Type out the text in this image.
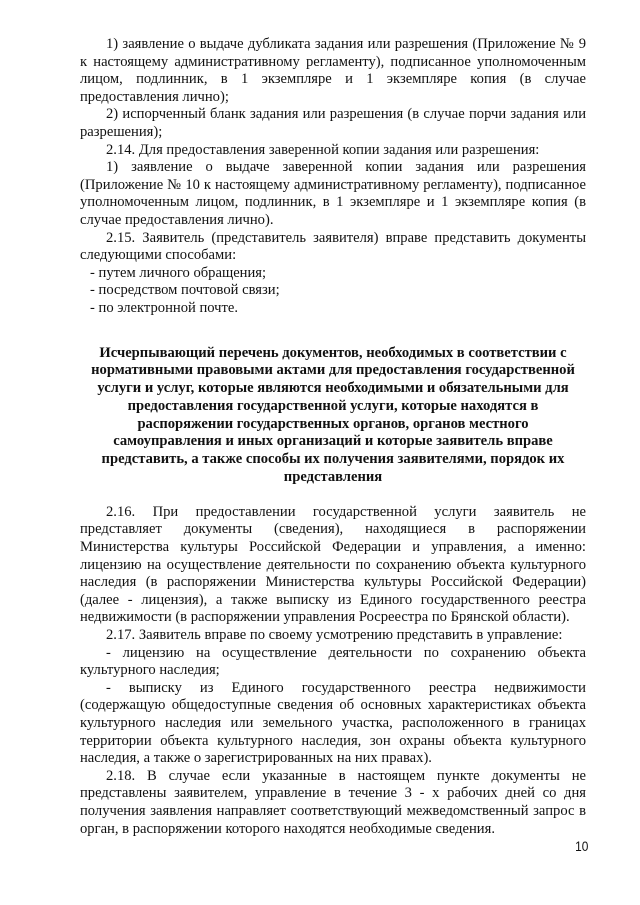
1) заявление о выдаче дубликата задания или разрешения (Приложение № 9 к настоящему административному регламенту), подписанное уполномоченным лицом, подлинник, в 1 экземпляре и 1 экземпляре копия (в случае предоставления лично);

2) испорченный бланк задания или разрешения (в случае порчи задания или разрешения);

2.14. Для предоставления заверенной копии задания или разрешения:

1) заявление о выдаче заверенной копии задания или разрешения (Приложение № 10 к настоящему административному регламенту), подписанное уполномоченным лицом, подлинник, в 1 экземпляре и 1 экземпляре копия (в случае предоставления лично).

2.15. Заявитель (представитель заявителя) вправе представить документы следующими способами:

- путем личного обращения;

- посредством почтовой связи;

- по электронной почте.

Исчерпывающий перечень документов, необходимых в соответствии с нормативными правовыми актами для предоставления государственной услуги и услуг, которые являются необходимыми и обязательными для предоставления государственной услуги, которые находятся в распоряжении государственных органов, органов местного самоуправления и иных организаций и которые заявитель вправе представить, а также способы их получения заявителями, порядок их представления

2.16. При предоставлении государственной услуги заявитель не представляет документы (сведения), находящиеся в распоряжении Министерства культуры Российской Федерации и управления, а именно: лицензию на осуществление деятельности по сохранению объекта культурного наследия (в распоряжении Министерства культуры Российской Федерации) (далее - лицензия), а также выписку из Единого государственного реестра недвижимости (в распоряжении управления Росреестра по Брянской области).

2.17. Заявитель вправе по своему усмотрению представить в управление:

- лицензию на осуществление деятельности по сохранению объекта культурного наследия;

- выписку из Единого государственного реестра недвижимости (содержащую общедоступные сведения об основных характеристиках объекта культурного наследия или земельного участка, расположенного в границах территории объекта культурного наследия, зон охраны объекта культурного наследия, а также о зарегистрированных на них правах).

2.18. В случае если указанные в настоящем пункте документы не представлены заявителем, управление в течение 3 - х рабочих дней со дня получения заявления направляет соответствующий межведомственный запрос в орган, в распоряжении которого находятся необходимые сведения.

10
